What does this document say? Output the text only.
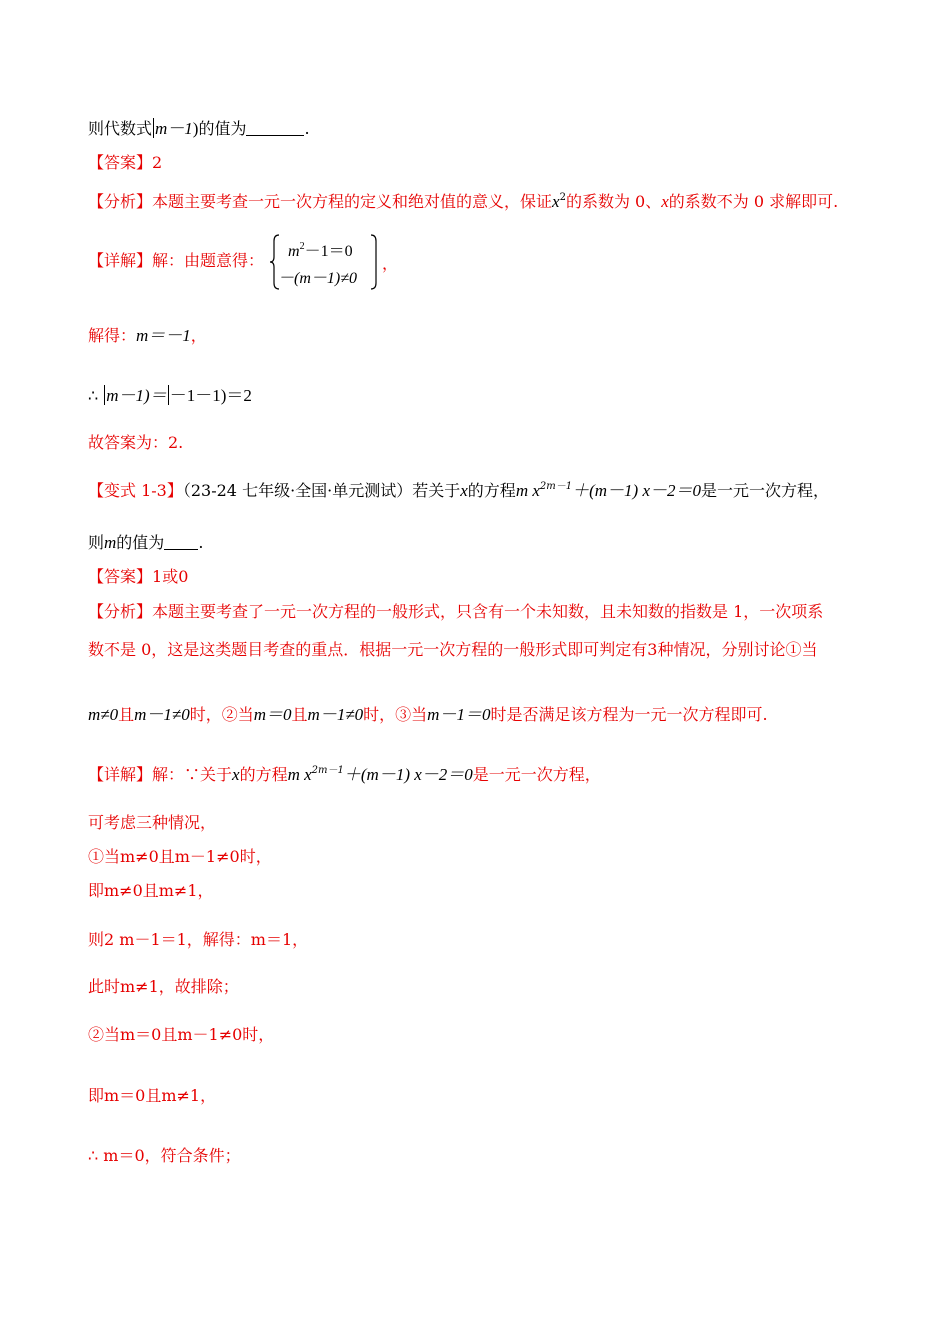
则代数式 m－1)的值为	.
【答案】2
【分析】本题主要考查一元一次方程的定义和绝对值的意义，保证$x^2$的系数为 0、x的系数不为 0 求解即可.
【详解】解：由题意得： $m^2-1=0$
－(m－1)≠0
，
解得：m＝－1，
∴ m－1)＝ －1－1)＝2
故答案为：2.
【变式 1-3】（23-24 七年级·全国·单元测试）若关于x的方程m $x^{2m-1}+(m-1)$ x－2＝0是一元一次方程，
则m的值为 .
【答案】1或0
【分析】本题主要考查了一元一次方程的一般形式，只含有一个未知数，且未知数的指数是 1，一次项系
数不是 0，这是这类题目考查的重点．根据一元一次方程的一般形式即可判定有3种情况，分别讨论①当
m≠0且m－1≠0时，②当m＝0且m－1≠0时，③当m－1＝0时是否满足该方程为一元一次方程即可.
【详解】解：∵关于x的方程m $x^{2m-1}+(m-1)$ x－2＝0是一元一次方程，
可考虑三种情况，
①当m≠0且m－1≠0时，
即m≠0且m≠1，
则2 m－1＝1，解得：m＝1，
此时m≠1，故排除；
②当m＝0且m－1≠0时，
即m＝0且m≠1，
∴ m＝0，符合条件；
